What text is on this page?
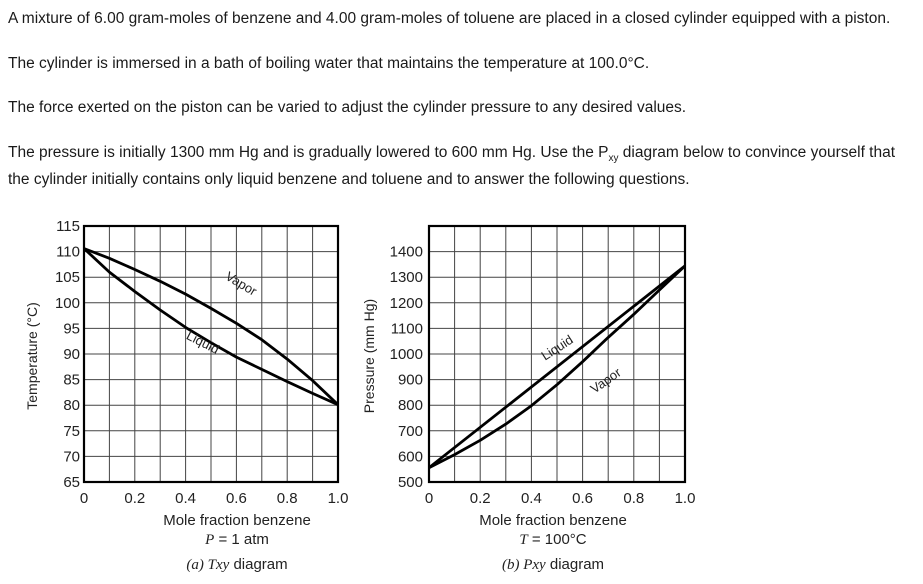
A mixture of 6.00 gram-moles of benzene and 4.00 gram-moles of toluene are placed in a closed cylinder equipped with a piston.

The cylinder is immersed in a bath of boiling water that maintains the temperature at 100.0°C.

The force exerted on the piston can be varied to adjust the cylinder pressure to any desired values.

The pressure is initially 1300 mm Hg and is gradually lowered to 600 mm Hg. Use the $P_{xy}$ diagram below to convince yourself that the cylinder initially contains only liquid benzene and toluene and to answer the following questions.

65
70
75
80
85
90
95
100
105
110
115
0 0.2 0.4 0.6 0.8 1.0
Mole fraction benzene
Temperature (°C)
P = 1 atm
(a) Txy diagram
Vapor
Liquid
500
600
700
800
900
1000
1100
1200
1300
1400
0 0.2 0.4 0.6 0.8 1.0
Mole fraction benzene
Pressure (mm Hg)
T = 100°C
(b) Pxy diagram
Liquid
Vapor
